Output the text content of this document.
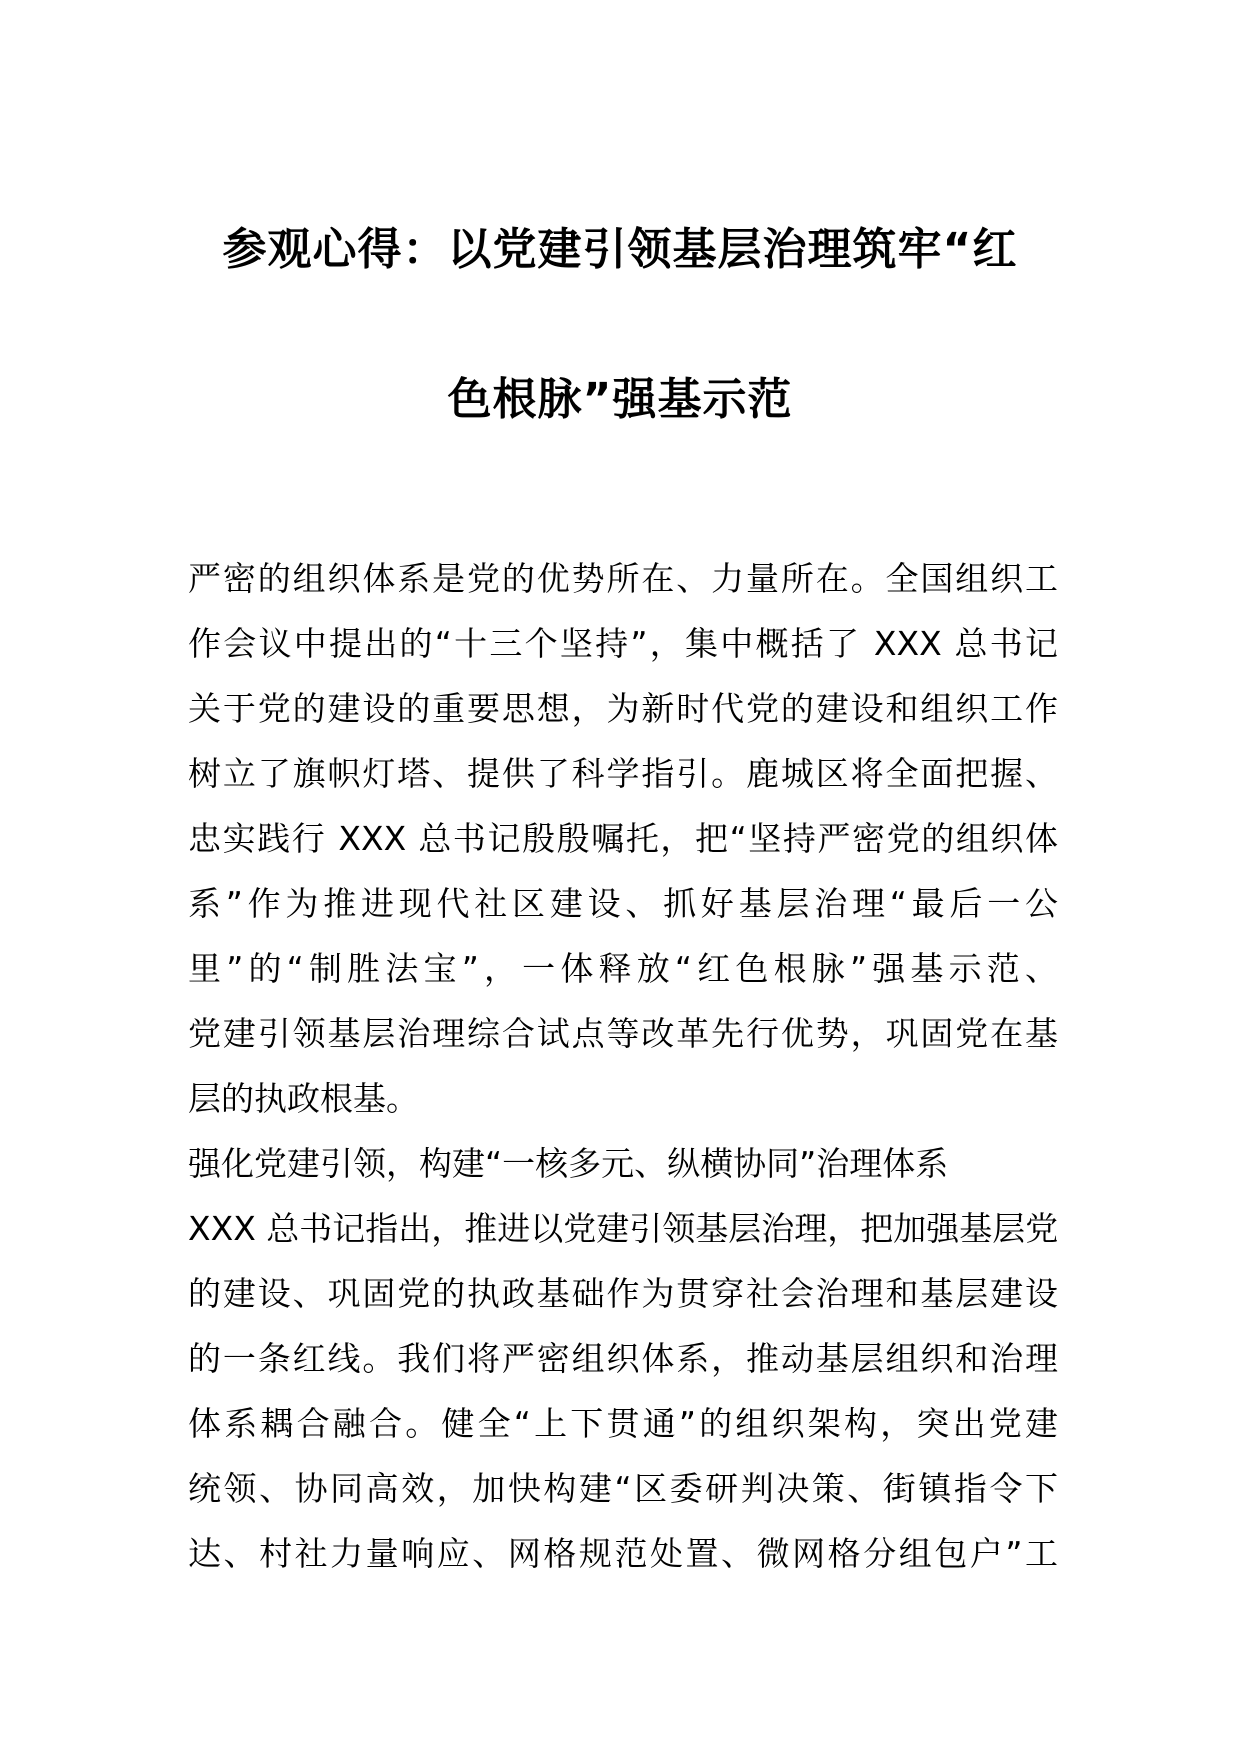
参观心得：以党建引领基层治理筑牢“红
色根脉”强基示范
严密的组织体系是党的优势所在、力量所在。全国组织工
作会议中提出的“十三个坚持”，集中概括了 XXX 总书记
关于党的建设的重要思想，为新时代党的建设和组织工作
树立了旗帜灯塔、提供了科学指引。鹿城区将全面把握、
忠实践行 XXX 总书记殷殷嘱托，把“坚持严密党的组织体
系”作为推进现代社区建设、抓好基层治理“最后一公
里”的“制胜法宝”，一体释放“红色根脉”强基示范、
党建引领基层治理综合试点等改革先行优势，巩固党在基
层的执政根基。
强化党建引领，构建“一核多元、纵横协同”治理体系
XXX 总书记指出，推进以党建引领基层治理，把加强基层党
的建设、巩固党的执政基础作为贯穿社会治理和基层建设
的一条红线。我们将严密组织体系，推动基层组织和治理
体系耦合融合。健全“上下贯通”的组织架构，突出党建
统领、协同高效，加快构建“区委研判决策、街镇指令下
达、村社力量响应、网格规范处置、微网格分组包户”工
